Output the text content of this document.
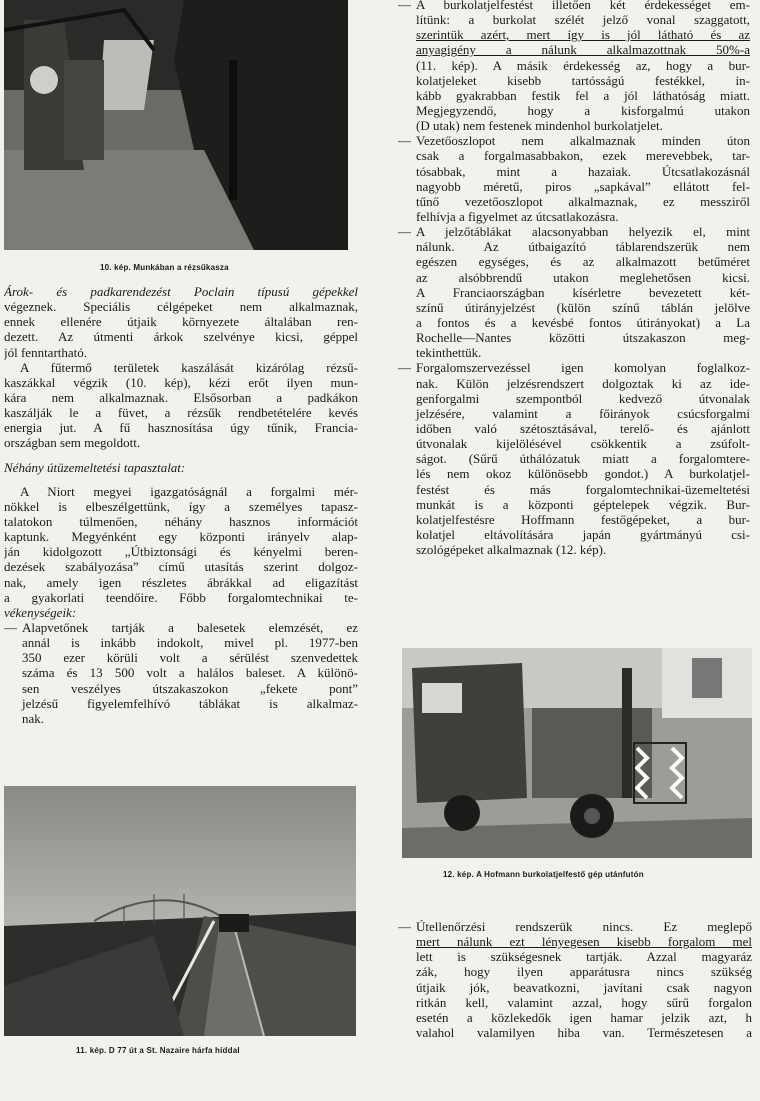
10. kép. Munkában a rézsűkasza
Árok- és padkarendezést Poclain típusú gépekkel
végeznek. Speciális célgépeket nem alkalmaznak,
ennek ellenére útjaik környezete általában ren-
dezett. Az útmenti árkok szelvénye kicsi, géppel
jól fenntartható.
A fűtermő területek kaszálását kizárólag rézsű-
kaszákkal végzik (10. kép), kézi erőt ilyen mun-
kára nem alkalmaznak. Elsősorban a padkákon
kaszálják le a füvet, a rézsűk rendbetételére kevés
energia jut. A fű hasznosítása úgy tűnik, Francia-
országban sem megoldott.
Néhány útüzemeltetési tapasztalat:
A Niort megyei igazgatóságnál a forgalmi mér-
nökkel is elbeszélgettünk, így a személyes tapasz-
talatokon túlmenően, néhány hasznos információt
kaptunk. Megyénként egy központi irányelv alap-
ján kidolgozott „Útbiztonsági és kényelmi beren-
dezések szabályozása” című utasítás szerint dolgoz-
nak, amely igen részletes ábrákkal ad eligazítást
a gyakorlati teendőire. Főbb forgalomtechnikai te-
vékenységeik:
— Alapvetőnek tartják a balesetek elemzését, ez
annál is inkább indokolt, mivel pl. 1977-ben
350 ezer körüli volt a sérülést szenvedettek
száma és 13 500 volt a halálos baleset. A különö-
sen veszélyes útszakaszokon „fekete pont”
jelzésű figyelemfelhívó táblákat is alkalmaz-
nak.
11. kép. D 77 út a St. Nazaire hárfa híddal
— A burkolatjelfestést illetően két érdekességet em-
lítünk: a burkolat szélét jelző vonal szaggatott,
szerintük azért, mert így is jól látható és az
anyagigény a nálunk alkalmazottnak 50%-a
(11. kép). A másik érdekesség az, hogy a bur-
kolatjeleket kisebb tartósságú festékkel, in-
kább gyakrabban festik fel a jól láthatóság miatt.
Megjegyzendő, hogy a kisforgalmú utakon
(D utak) nem festenek mindenhol burkolatjelet.
— Vezetőoszlopot nem alkalmaznak minden úton
csak a forgalmasabbakon, ezek merevebbek, tar-
tósabbak, mint a hazaiak. Útcsatlakozásnál
nagyobb méretű, piros „sapkával” ellátott fel-
tűnő vezetőoszlopot alkalmaznak, ez messziről
felhívja a figyelmet az útcsatlakozásra.
— A jelzőtáblákat alacsonyabban helyezik el, mint
nálunk. Az útbaigazító táblarendszerük nem
egészen egységes, és az alkalmazott betűméret
az alsóbbrendű utakon meglehetősen kicsi.
A Franciaországban kísérletre bevezetett két-
színű útirányjelzést (külön színű táblán jelölve
a fontos és a kevésbé fontos útirányokat) a La
Rochelle—Nantes közötti útszakaszon meg-
tekinthettük.
— Forgalomszervezéssel igen komolyan foglalkoz-
nak. Külön jelzésrendszert dolgoztak ki az ide-
genforgalmi szempontból kedvező útvonalak
jelzésére, valamint a főirányok csúcsforgalmi
időben való szétosztásával, terelő- és ajánlott
útvonalak kijelölésével csökkentik a zsúfolt-
ságot. (Sűrű úthálózatuk miatt a forgalomtere-
lés nem okoz különösebb gondot.) A burkolatjel-
festést és más forgalomtechnikai-üzemeltetési
munkát is a központi géptelepek végzik. Bur-
kolatjelfestésre Hoffmann festőgépeket, a bur-
kolatjel eltávolítására japán gyártmányú csi-
szológépeket alkalmaznak (12. kép).
12. kép. A Hofmann burkolatjelfestő gép utánfutón
— Útellenőrzési rendszerük nincs. Ez meglepő
mert nálunk ezt lényegesen kisebb forgalom mel
lett is szükségesnek tartják. Azzal magyaráz
zák, hogy ilyen apparátusra nincs szükség
útjaik jók, beavatkozni, javítani csak nagyon
ritkán kell, valamint azzal, hogy sűrű forgalon
esetén a közlekedők igen hamar jelzik azt, h
valahol valamilyen hiba van. Természetesen a
